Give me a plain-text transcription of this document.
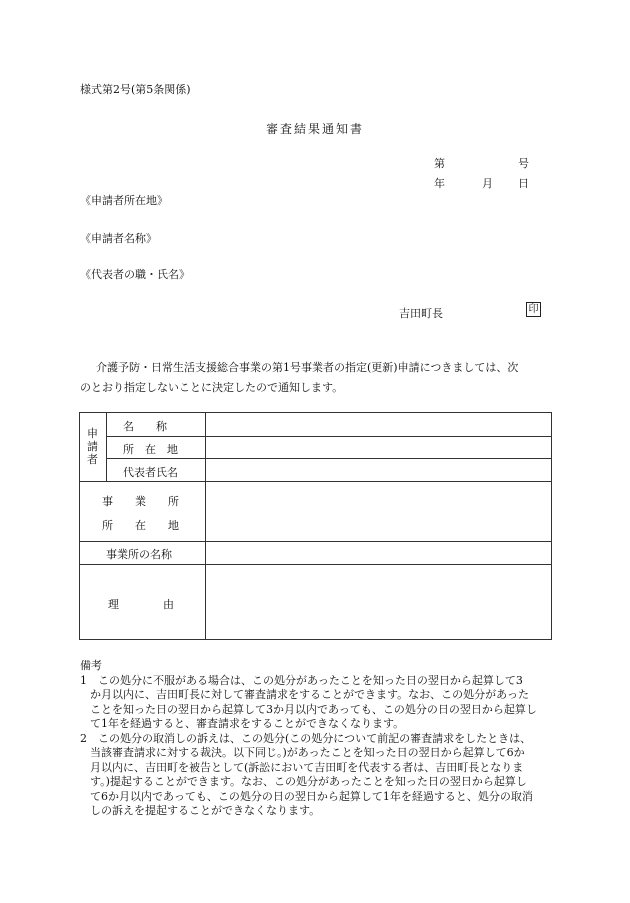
様式第2号(第5条関係)
審査結果通知書
第	号
年	月 日
《申請者所在地》
《申請者名称》
《代表者の職・氏名》
吉田町長	印
介護予防・日常生活支援総合事業の第1号事業者の指定(更新)申請につきましては、次
のとおり指定しないことに決定したので通知します。
申請者
名　　称
所　在　地
代表者氏名
事　　業　　所
所　　在　　地
事業所の名称
理　　　　由
備考
1　この処分に不服がある場合は、この処分があったことを知った日の翌日から起算して3
か月以内に、吉田町長に対して審査請求をすることができます。なお、この処分があった
ことを知った日の翌日から起算して3か月以内であっても、この処分の日の翌日から起算し
て1年を経過すると、審査請求をすることができなくなります。
2　この処分の取消しの訴えは、この処分(この処分について前記の審査請求をしたときは、
当該審査請求に対する裁決。以下同じ。)があったことを知った日の翌日から起算して6か
月以内に、吉田町を被告として(訴訟において吉田町を代表する者は、吉田町長となりま
す。)提起することができます。なお、この処分があったことを知った日の翌日から起算し
て6か月以内であっても、この処分の日の翌日から起算して1年を経過すると、処分の取消
しの訴えを提起することができなくなります。
